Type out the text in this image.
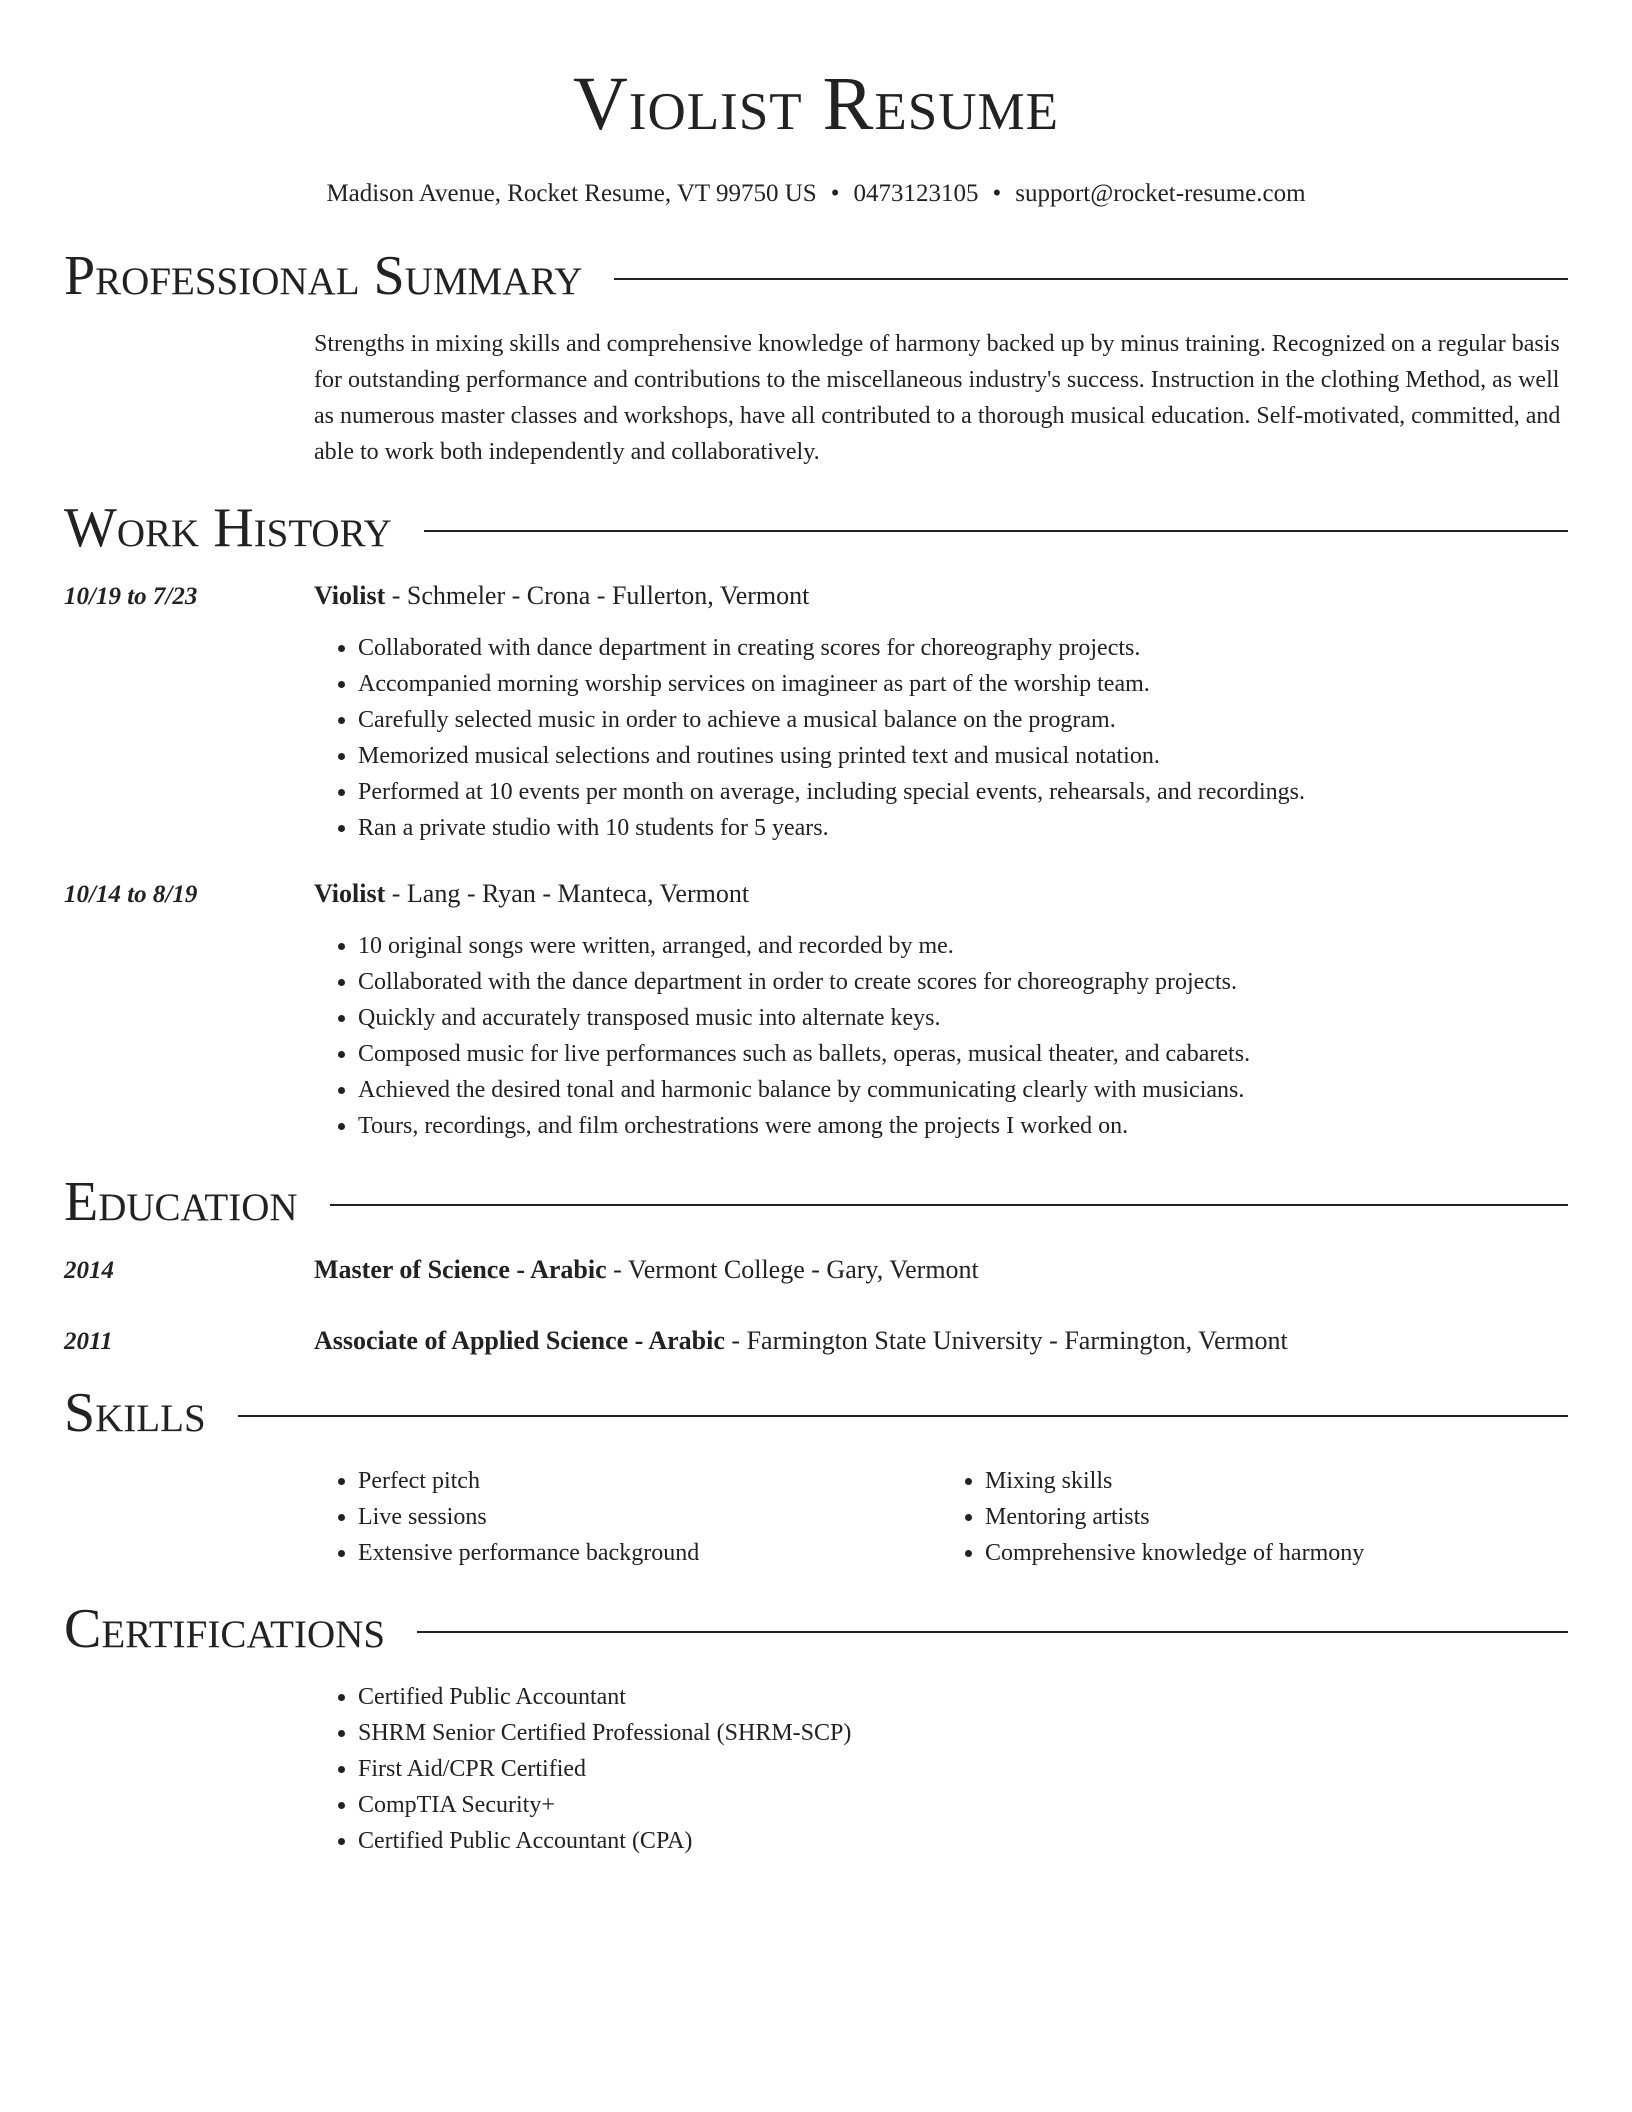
Violist Resume
Madison Avenue, Rocket Resume, VT 99750 US • 0473123105 • support@rocket-resume.com
Professional Summary

Strengths in mixing skills and comprehensive knowledge of harmony backed up by minus training. Recognized on a regular basis for outstanding performance and contributions to the miscellaneous industry's success. Instruction in the clothing Method, as well as numerous master classes and workshops, have all contributed to a thorough musical education. Self-motivated, committed, and able to work both independently and collaboratively.

Work History
10/19 to 7/23	Violist - Schmeler - Crona - Fullerton, Vermont
• Collaborated with dance department in creating scores for choreography projects.
• Accompanied morning worship services on imagineer as part of the worship team.
• Carefully selected music in order to achieve a musical balance on the program.
• Memorized musical selections and routines using printed text and musical notation.
• Performed at 10 events per month on average, including special events, rehearsals, and recordings.
• Ran a private studio with 10 students for 5 years.
10/14 to 8/19	Violist - Lang - Ryan - Manteca, Vermont
• 10 original songs were written, arranged, and recorded by me.
• Collaborated with the dance department in order to create scores for choreography projects.
• Quickly and accurately transposed music into alternate keys.
• Composed music for live performances such as ballets, operas, musical theater, and cabarets.
• Achieved the desired tonal and harmonic balance by communicating clearly with musicians.
• Tours, recordings, and film orchestrations were among the projects I worked on.
Education
2014	Master of Science - Arabic - Vermont College - Gary, Vermont
2011	Associate of Applied Science - Arabic - Farmington State University - Farmington, Vermont
Skills
• Perfect pitch
• Live sessions
• Extensive performance background
• Mixing skills
• Mentoring artists
• Comprehensive knowledge of harmony
Certifications
• Certified Public Accountant
• SHRM Senior Certified Professional (SHRM-SCP)
• First Aid/CPR Certified
• CompTIA Security+
• Certified Public Accountant (CPA)
